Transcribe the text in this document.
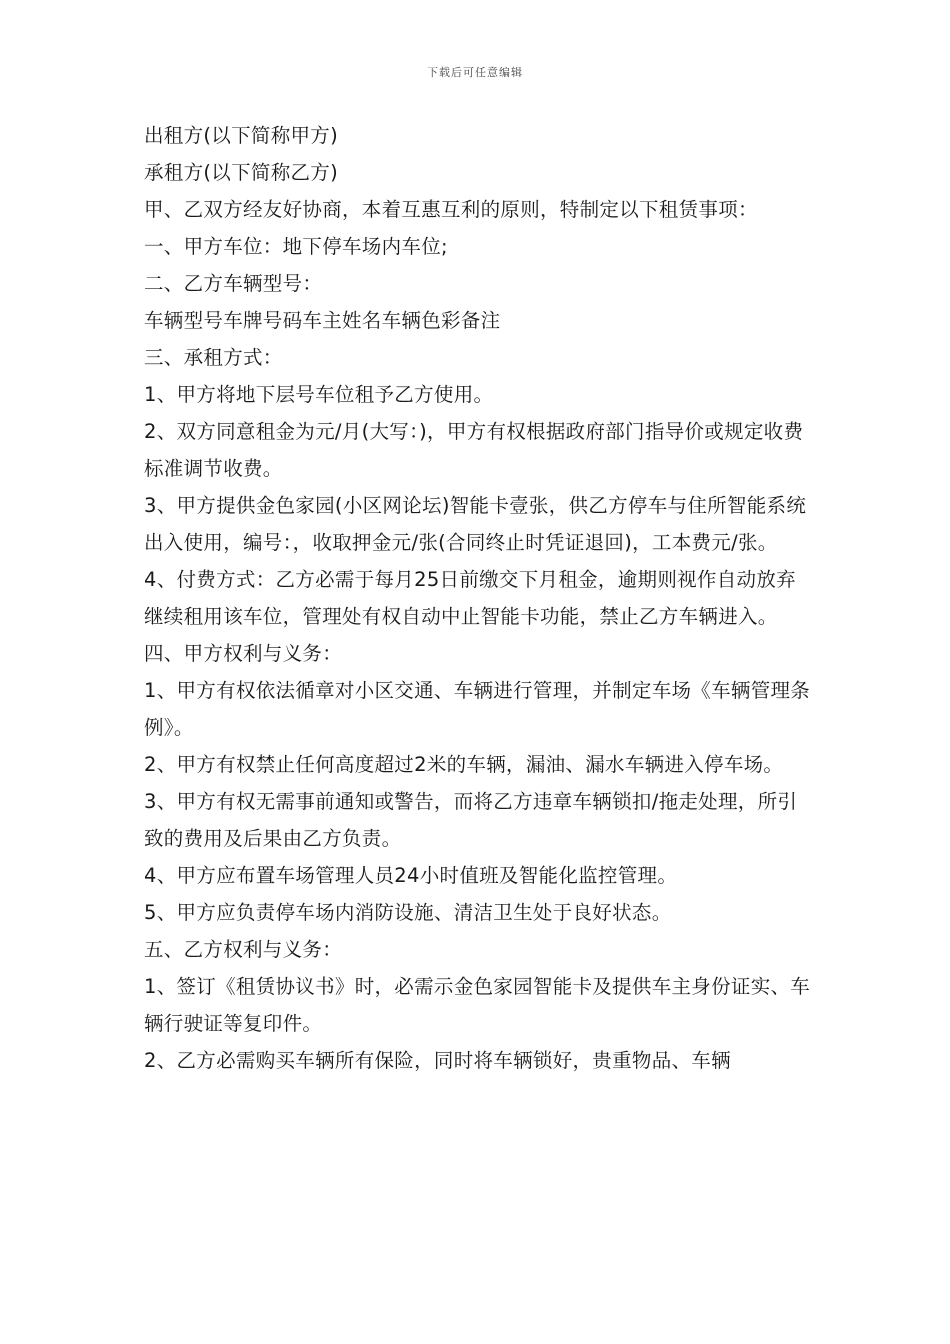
下载后可任意编辑

出租方(以下简称甲方)

承租方(以下简称乙方)

甲、乙双方经友好协商，本着互惠互利的原则，特制定以下租赁事项：

一、甲方车位：地下停车场内车位;

二、乙方车辆型号：

车辆型号车牌号码车主姓名车辆色彩备注

三、承租方式：

1、甲方将地下层号车位租予乙方使用。

2、双方同意租金为元/月(大写：)，甲方有权根据政府部门指导价或规定收费标准调节收费。

3、甲方提供金色家园(小区网论坛)智能卡壹张，供乙方停车与住所智能系统出入使用，编号：，收取押金元/张(合同终止时凭证退回)，工本费元/张。

4、付费方式：乙方必需于每月25日前缴交下月租金，逾期则视作自动放弃继续租用该车位，管理处有权自动中止智能卡功能，禁止乙方车辆进入。

四、甲方权利与义务：

1、甲方有权依法循章对小区交通、车辆进行管理，并制定车场《车辆管理条例》。

2、甲方有权禁止任何高度超过2米的车辆，漏油、漏水车辆进入停车场。

3、甲方有权无需事前通知或警告，而将乙方违章车辆锁扣/拖走处理，所引致的费用及后果由乙方负责。

4、甲方应布置车场管理人员24小时值班及智能化监控管理。

5、甲方应负责停车场内消防设施、清洁卫生处于良好状态。

五、乙方权利与义务：

1、签订《租赁协议书》时，必需示金色家园智能卡及提供车主身份证实、车辆行驶证等复印件。

2、乙方必需购买车辆所有保险，同时将车辆锁好，贵重物品、车辆
